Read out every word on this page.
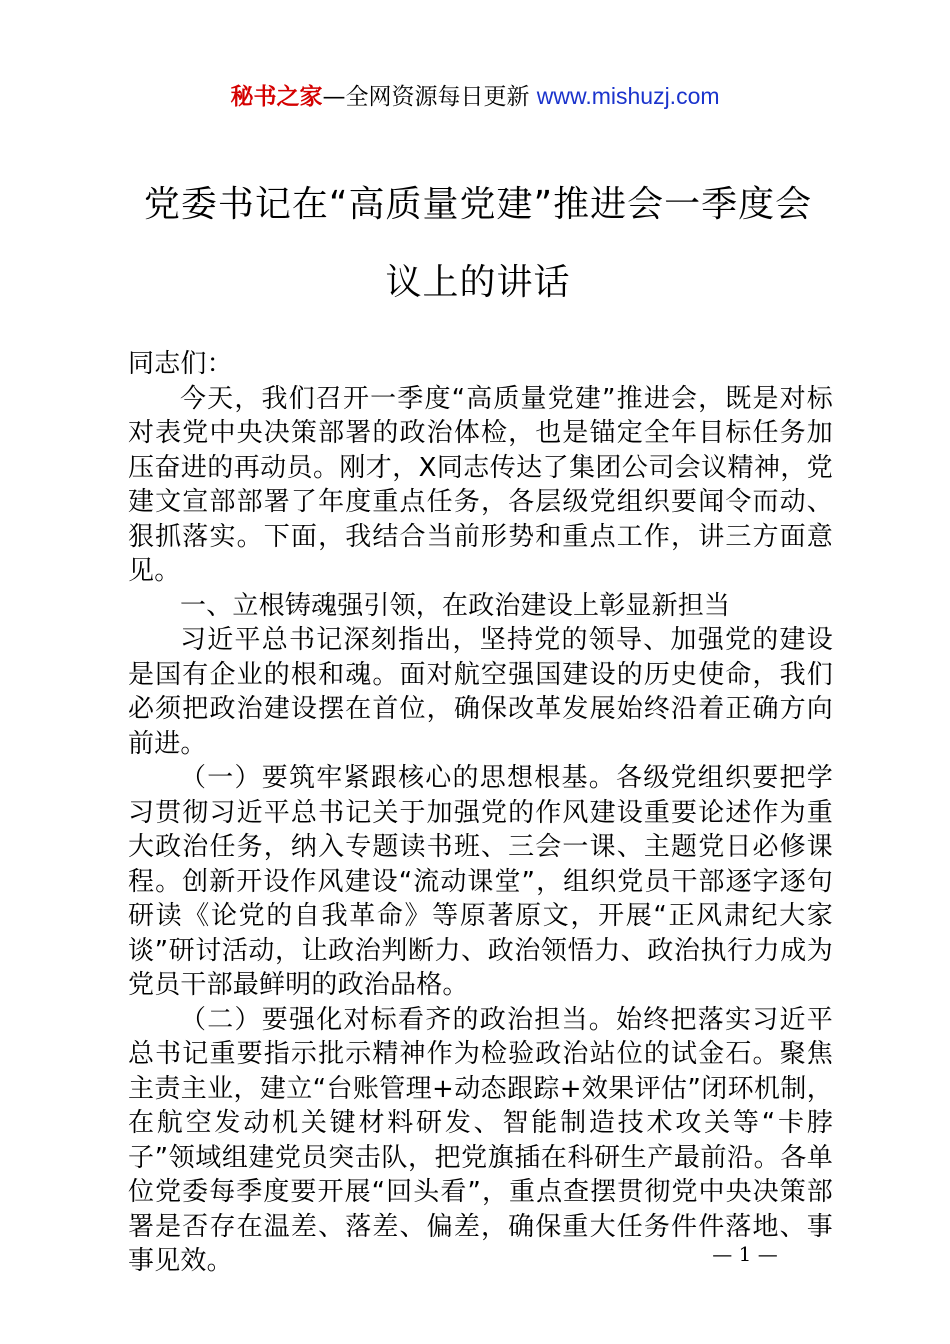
秘书之家—全网资源每日更新 www.mishuzj.com
党委书记在“高质量党建”推进会一季度会议上的讲话

同志们：

今天，我们召开一季度“高质量党建”推进会，既是对标对表党中央决策部署的政治体检，也是锚定全年目标任务加压奋进的再动员。刚才，X同志传达了集团公司会议精神，党建文宣部部署了年度重点任务，各层级党组织要闻令而动、狠抓落实。下面，我结合当前形势和重点工作，讲三方面意见。

一、立根铸魂强引领，在政治建设上彰显新担当

习近平总书记深刻指出，坚持党的领导、加强党的建设是国有企业的根和魂。面对航空强国建设的历史使命，我们必须把政治建设摆在首位，确保改革发展始终沿着正确方向前进。

（一）要筑牢紧跟核心的思想根基。各级党组织要把学习贯彻习近平总书记关于加强党的作风建设重要论述作为重大政治任务，纳入专题读书班、三会一课、主题党日必修课程。创新开设作风建设“流动课堂”，组织党员干部逐字逐句研读《论党的自我革命》等原著原文，开展“正风肃纪大家谈”研讨活动，让政治判断力、政治领悟力、政治执行力成为党员干部最鲜明的政治品格。

（二）要强化对标看齐的政治担当。始终把落实习近平总书记重要指示批示精神作为检验政治站位的试金石。聚焦主责主业，建立“台账管理+动态跟踪+效果评估”闭环机制，在航空发动机关键材料研发、智能制造技术攻关等“卡脖子”领域组建党员突击队，把党旗插在科研生产最前沿。各单位党委每季度要开展“回头看”，重点查摆贯彻党中央决策部署是否存在温差、落差、偏差，确保重大任务件件落地、事事见效。	— 1 —
